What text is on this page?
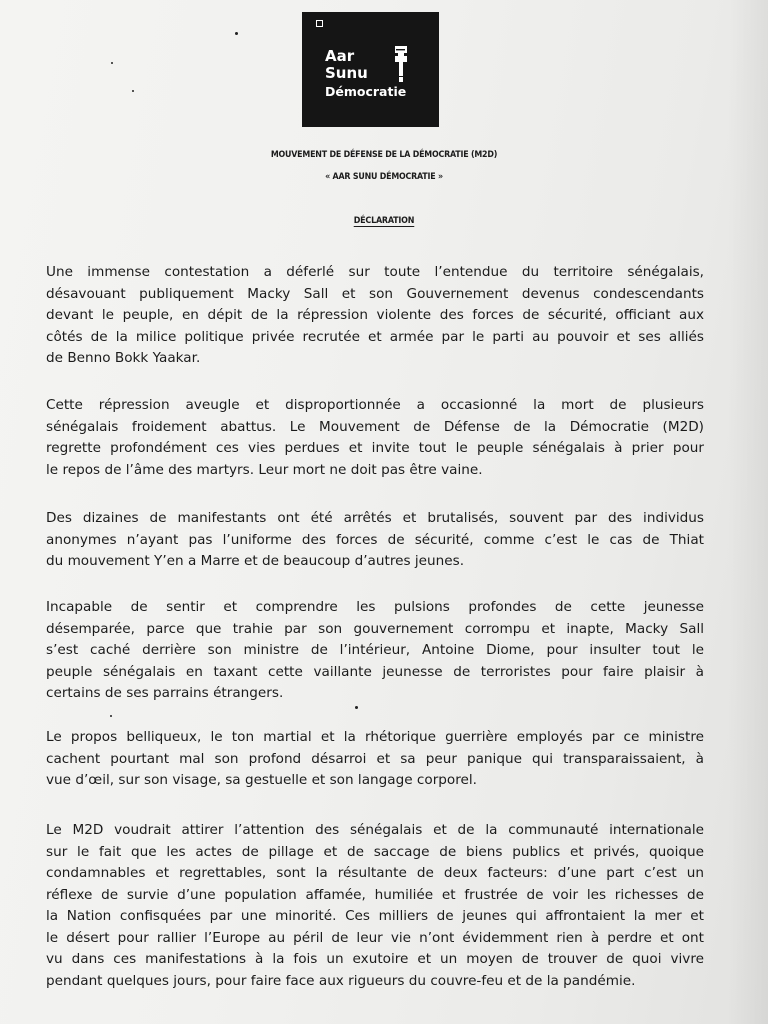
Aar
Sunu
Démocratie
MOUVEMENT DE DÉFENSE DE LA DÉMOCRATIE (M2D)
« AAR SUNU DÉMOCRATIE »
DÉCLARATION
Une immense contestation a déferlé sur toute l’entendue du territoire sénégalais,
désavouant publiquement Macky Sall et son Gouvernement devenus condescendants
devant le peuple, en dépit de la répression violente des forces de sécurité, officiant aux
côtés de la milice politique privée recrutée et armée par le parti au pouvoir et ses alliés
de Benno Bokk Yaakar.
Cette répression aveugle et disproportionnée a occasionné la mort de plusieurs
sénégalais froidement abattus. Le Mouvement de Défense de la Démocratie (M2D)
regrette profondément ces vies perdues et invite tout le peuple sénégalais à prier pour
le repos de l’âme des martyrs. Leur mort ne doit pas être vaine.
Des dizaines de manifestants ont été arrêtés et brutalisés, souvent par des individus
anonymes n’ayant pas l’uniforme des forces de sécurité, comme c’est le cas de Thiat
du mouvement Y’en a Marre et de beaucoup d’autres jeunes.
Incapable de sentir et comprendre les pulsions profondes de cette jeunesse
désemparée, parce que trahie par son gouvernement corrompu et inapte, Macky Sall
s’est caché derrière son ministre de l’intérieur, Antoine Diome, pour insulter tout le
peuple sénégalais en taxant cette vaillante jeunesse de terroristes pour faire plaisir à
certains de ses parrains étrangers.
Le propos belliqueux, le ton martial et la rhétorique guerrière employés par ce ministre
cachent pourtant mal son profond désarroi et sa peur panique qui transparaissaient, à
vue d’œil, sur son visage, sa gestuelle et son langage corporel.
Le M2D voudrait attirer l’attention des sénégalais et de la communauté internationale
sur le fait que les actes de pillage et de saccage de biens publics et privés, quoique
condamnables et regrettables, sont la résultante de deux facteurs: d’une part c’est un
réflexe de survie d’une population affamée, humiliée et frustrée de voir les richesses de
la Nation confisquées par une minorité. Ces milliers de jeunes qui affrontaient la mer et
le désert pour rallier l’Europe au péril de leur vie n’ont évidemment rien à perdre et ont
vu dans ces manifestations à la fois un exutoire et un moyen de trouver de quoi vivre
pendant quelques jours, pour faire face aux rigueurs du couvre-feu et de la pandémie.
